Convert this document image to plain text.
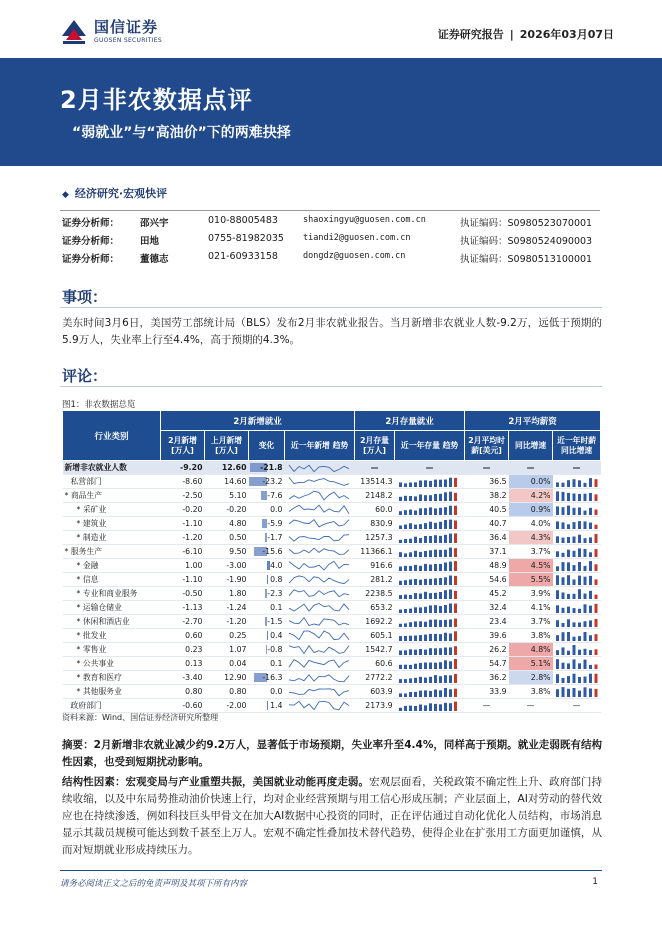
国信证券
GUOSEN SECURITIES	证券研究报告 | 2026年03月07日
2月非农数据点评
“弱就业”与“高油价”下的两难抉择
◆ 经济研究·宏观快评
证券分析师： 邵兴宇	010-88005483	shaoxingyu@guosen.com.cn	执证编码：S0980523070001
证券分析师： 田地	0755-81982035 tiandi2@guosen.com.cn	执证编码：S0980524090003
证券分析师： 董德志	021-60933158	dongdz@guosen.com.cn	执证编码：S0980513100001
事项：
美东时间3月6日，美国劳工部统计局（BLS）发布2月非农就业报告。当月新增非农就业人数-9.2万，远低于预期的5.9万人，失业率上行至4.4%，高于预期的4.3%。
评论：
图1：非农数据总览
行业类别	2月新增就业				2月存量就业		2月平均薪资		
	2月新增 [万人]	上月新增 [万人]	变化	近一年新增 趋势	2月存量 [万人]	近一年存量 趋势	2月平均时薪[美元]	同比增速	近一年时薪 同比增速
新增非农就业人数	-9.20	12.60	-21.8		—	—	—	—	—
私营部门	-8.60	14.60	-23.2		13514.3		36.5	0.0%	

* 商品生产	-2.50	5.10	-7.6		2148.2		38.2	4.2%	

* 采矿业	-0.20	-0.20	0.0		60.0		40.5	0.9%	

* 建筑业	-1.10	4.80	-5.9		830.9		40.7	4.0%	

* 制造业	-1.20	0.50	-1.7		1257.3		36.4	4.3%	

* 服务生产	-6.10	9.50	-15.6		11366.1		37.1	3.7%	

* 金融	1.00	-3.00	4.0		916.6		48.9	4.5%	

* 信息	-1.10	-1.90	0.8		281.2		54.6	5.5%	

* 专业和商业服务	-0.50	1.80	-2.3		2238.5		45.2	3.9%	

* 运输仓储业	-1.13	-1.24	0.1		653.2		32.4	4.1%	

* 休闲和酒店业	-2.70	-1.20	-1.5		1692.2		23.4	3.7%	

* 批发业	0.60	0.25	0.4		605.1		39.6	3.8%	

* 零售业	0.23	1.07	-0.8		1542.7		26.2	4.8%	

* 公共事业	0.13	0.04	0.1		60.6		54.7	5.1%	

* 教育和医疗	-3.40	12.90	-16.3		2772.2		36.2	2.8%	

* 其他服务业	0.80	0.80	0.0		603.9		33.9	3.8%	

政府部门	-0.60	-2.00	1.4		2173.9		—	—	—
资料来源：Wind、国信证券经济研究所整理
摘要：2月新增非农就业减少约9.2万人，显著低于市场预期，失业率升至4.4%，同样高于预期。就业走弱既有结构性因素，也受到短期扰动影响。
结构性因素：宏观变局与产业重塑共振，美国就业动能再度走弱。宏观层面看，关税政策不确定性上升、政府部门持续收缩，以及中东局势推动油价快速上行，均对企业经营预期与用工信心形成压制；产业层面上，AI对劳动的替代效应也在持续渗透，例如科技巨头甲骨文在加大AI数据中心投资的同时，正在评估通过自动化优化人员结构，市场消息显示其裁员规模可能达到数千甚至上万人。宏观不确定性叠加技术替代趋势，使得企业在扩张用工方面更加谨慎，从而对短期就业形成持续压力。
请务必阅读正文之后的免责声明及其项下所有内容	1
